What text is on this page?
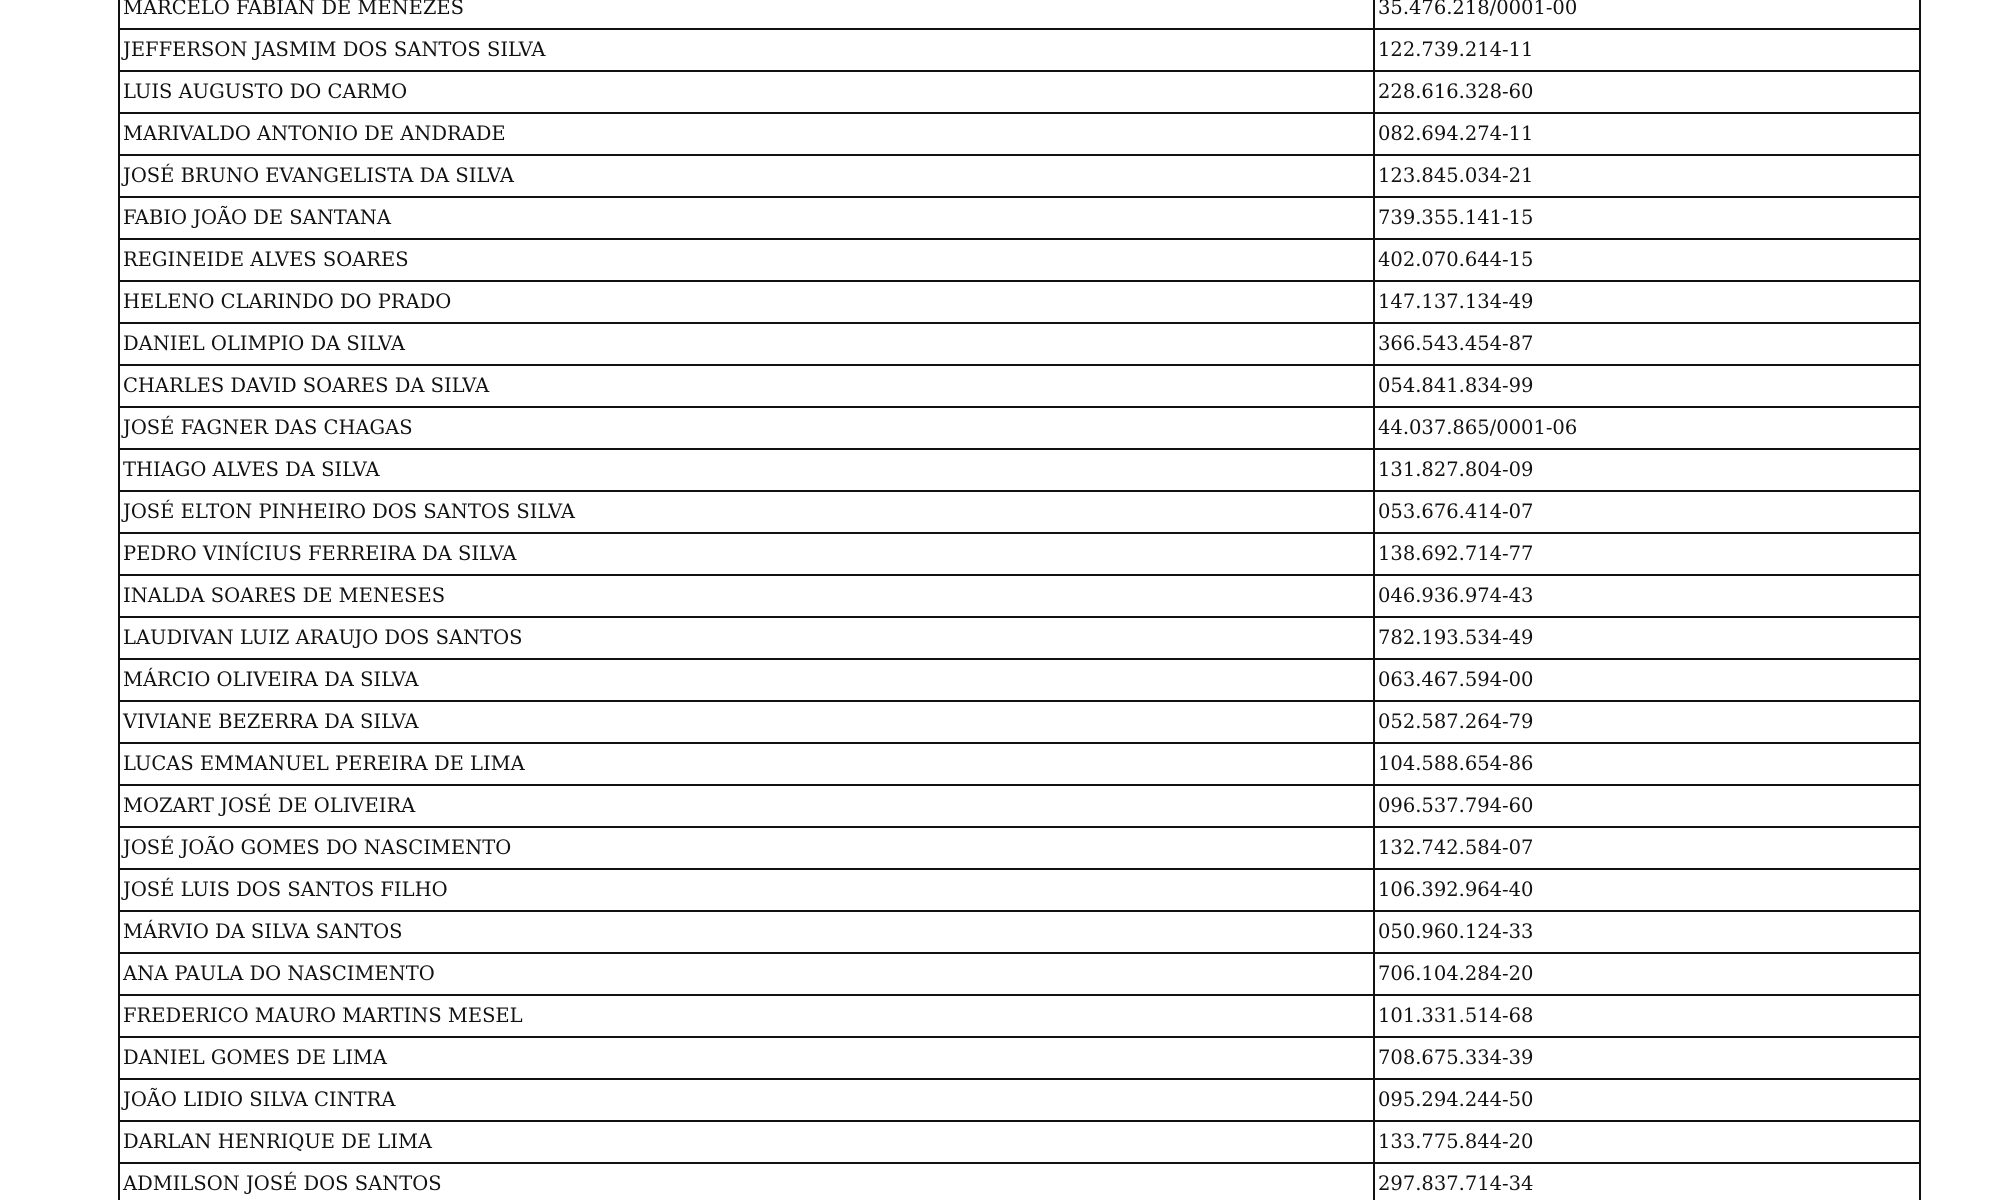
MARCELO FABIAN DE MENEZES	35.476.218/0001-00
JEFFERSON JASMIM DOS SANTOS SILVA	122.739.214-11
LUIS AUGUSTO DO CARMO	228.616.328-60
MARIVALDO ANTONIO DE ANDRADE	082.694.274-11
JOSÉ BRUNO EVANGELISTA DA SILVA	123.845.034-21
FABIO JOÃO DE SANTANA	739.355.141-15
REGINEIDE ALVES SOARES	402.070.644-15
HELENO CLARINDO DO PRADO	147.137.134-49
DANIEL OLIMPIO DA SILVA	366.543.454-87
CHARLES DAVID SOARES DA SILVA	054.841.834-99
JOSÉ FAGNER DAS CHAGAS	44.037.865/0001-06
THIAGO ALVES DA SILVA	131.827.804-09
JOSÉ ELTON PINHEIRO DOS SANTOS SILVA	053.676.414-07
PEDRO VINÍCIUS FERREIRA DA SILVA	138.692.714-77
INALDA SOARES DE MENESES	046.936.974-43
LAUDIVAN LUIZ ARAUJO DOS SANTOS	782.193.534-49
MÁRCIO OLIVEIRA DA SILVA	063.467.594-00
VIVIANE BEZERRA DA SILVA	052.587.264-79
LUCAS EMMANUEL PEREIRA DE LIMA	104.588.654-86
MOZART JOSÉ DE OLIVEIRA	096.537.794-60
JOSÉ JOÃO GOMES DO NASCIMENTO	132.742.584-07
JOSÉ LUIS DOS SANTOS FILHO	106.392.964-40
MÁRVIO DA SILVA SANTOS	050.960.124-33
ANA PAULA DO NASCIMENTO	706.104.284-20
FREDERICO MAURO MARTINS MESEL	101.331.514-68
DANIEL GOMES DE LIMA	708.675.334-39
JOÃO LIDIO SILVA CINTRA	095.294.244-50
DARLAN HENRIQUE DE LIMA	133.775.844-20
ADMILSON JOSÉ DOS SANTOS	297.837.714-34
